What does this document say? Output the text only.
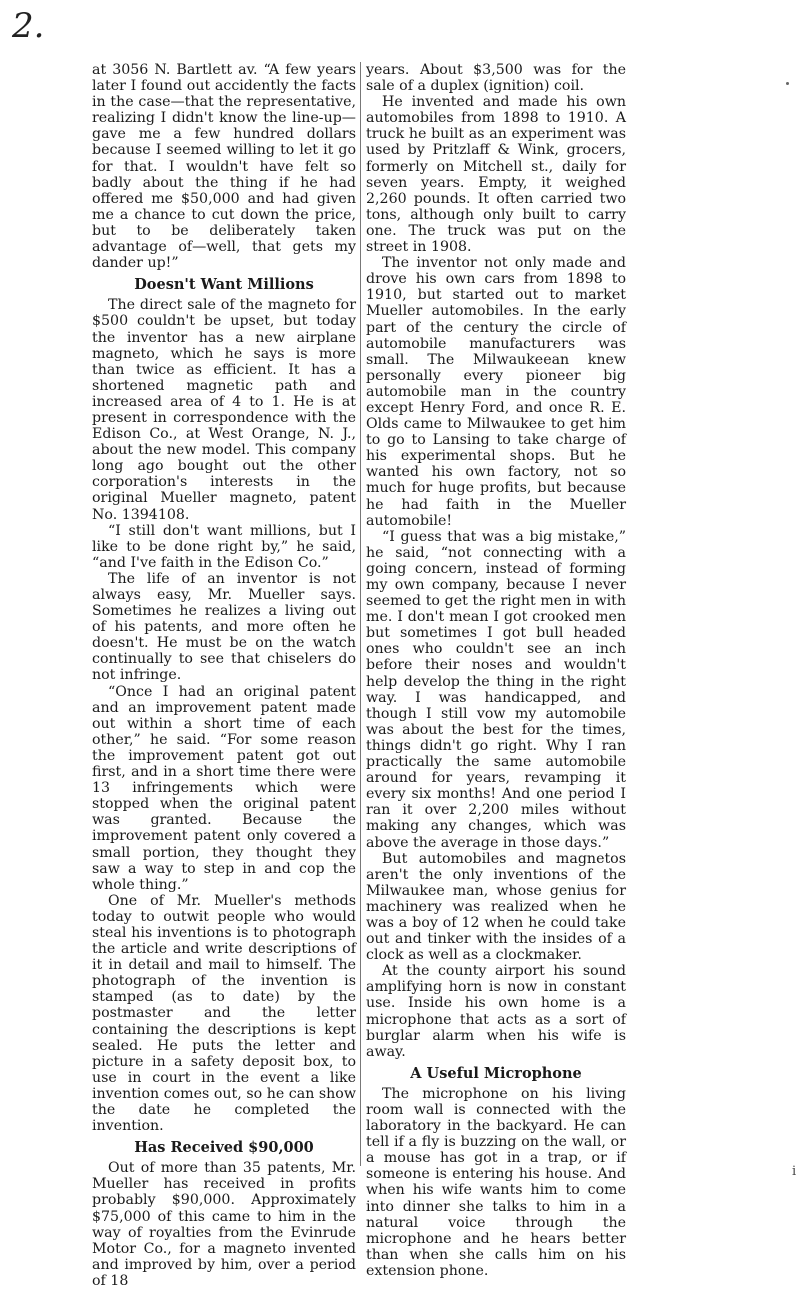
2.

at 3056 N. Bartlett av. “A few years later I found out accidently the facts in the case—that the representative, realizing I didn't know the line-up—gave me a few hundred dollars because I seemed willing to let it go for that. I wouldn't have felt so badly about the thing if he had offered me $50,000 and had given me a chance to cut down the price, but to be deliberately taken advantage of—well, that gets my dander up!”

Doesn't Want Millions

The direct sale of the magneto for $500 couldn't be upset, but today the inventor has a new airplane magneto, which he says is more than twice as efficient. It has a shortened magnetic path and increased area of 4 to 1. He is at present in correspondence with the Edison Co., at West Orange, N. J., about the new model. This company long ago bought out the other corporation's interests in the original Mueller magneto, patent No. 1394108.

“I still don't want millions, but I like to be done right by,” he said, “and I've faith in the Edison Co.”

The life of an inventor is not always easy, Mr. Mueller says. Sometimes he realizes a living out of his patents, and more often he doesn't. He must be on the watch continually to see that chiselers do not infringe.

“Once I had an original patent and an improvement patent made out within a short time of each other,” he said. “For some reason the improvement patent got out first, and in a short time there were 13 infringements which were stopped when the original patent was granted. Because the improvement patent only covered a small portion, they thought they saw a way to step in and cop the whole thing.”

One of Mr. Mueller's methods today to outwit people who would steal his inventions is to photograph the article and write descriptions of it in detail and mail to himself. The photograph of the invention is stamped (as to date) by the postmaster and the letter containing the descriptions is kept sealed. He puts the letter and picture in a safety deposit box, to use in court in the event a like invention comes out, so he can show the date he completed the invention.

Has Received $90,000

Out of more than 35 patents, Mr. Mueller has received in profits probably $90,000. Approximately $75,000 of this came to him in the way of royalties from the Evinrude Motor Co., for a magneto invented and improved by him, over a period of 18

years. About $3,500 was for the sale of a duplex (ignition) coil.

He invented and made his own automobiles from 1898 to 1910. A truck he built as an experiment was used by Pritzlaff & Wink, grocers, formerly on Mitchell st., daily for seven years. Empty, it weighed 2,260 pounds. It often carried two tons, although only built to carry one. The truck was put on the street in 1908.

The inventor not only made and drove his own cars from 1898 to 1910, but started out to market Mueller automobiles. In the early part of the century the circle of automobile manufacturers was small. The Milwaukeean knew personally every pioneer big automobile man in the country except Henry Ford, and once R. E. Olds came to Milwaukee to get him to go to Lansing to take charge of his experimental shops. But he wanted his own factory, not so much for huge profits, but because he had faith in the Mueller automobile!

“I guess that was a big mistake,” he said, “not connecting with a going concern, instead of forming my own company, because I never seemed to get the right men in with me. I don't mean I got crooked men but sometimes I got bull headed ones who couldn't see an inch before their noses and wouldn't help develop the thing in the right way. I was handicapped, and though I still vow my automobile was about the best for the times, things didn't go right. Why I ran practically the same automobile around for years, revamping it every six months! And one period I ran it over 2,200 miles without making any changes, which was above the average in those days.”

But automobiles and magnetos aren't the only inventions of the Milwaukee man, whose genius for machinery was realized when he was a boy of 12 when he could take out and tinker with the insides of a clock as well as a clockmaker.

At the county airport his sound amplifying horn is now in constant use. Inside his own home is a microphone that acts as a sort of burglar alarm when his wife is away.

A Useful Microphone

The microphone on his living room wall is connected with the laboratory in the backyard. He can tell if a fly is buzzing on the wall, or a mouse has got in a trap, or if someone is entering his house. And when his wife wants him to come into dinner she talks to him in a natural voice through the microphone and he hears better than when she calls him on his extension phone.

i
